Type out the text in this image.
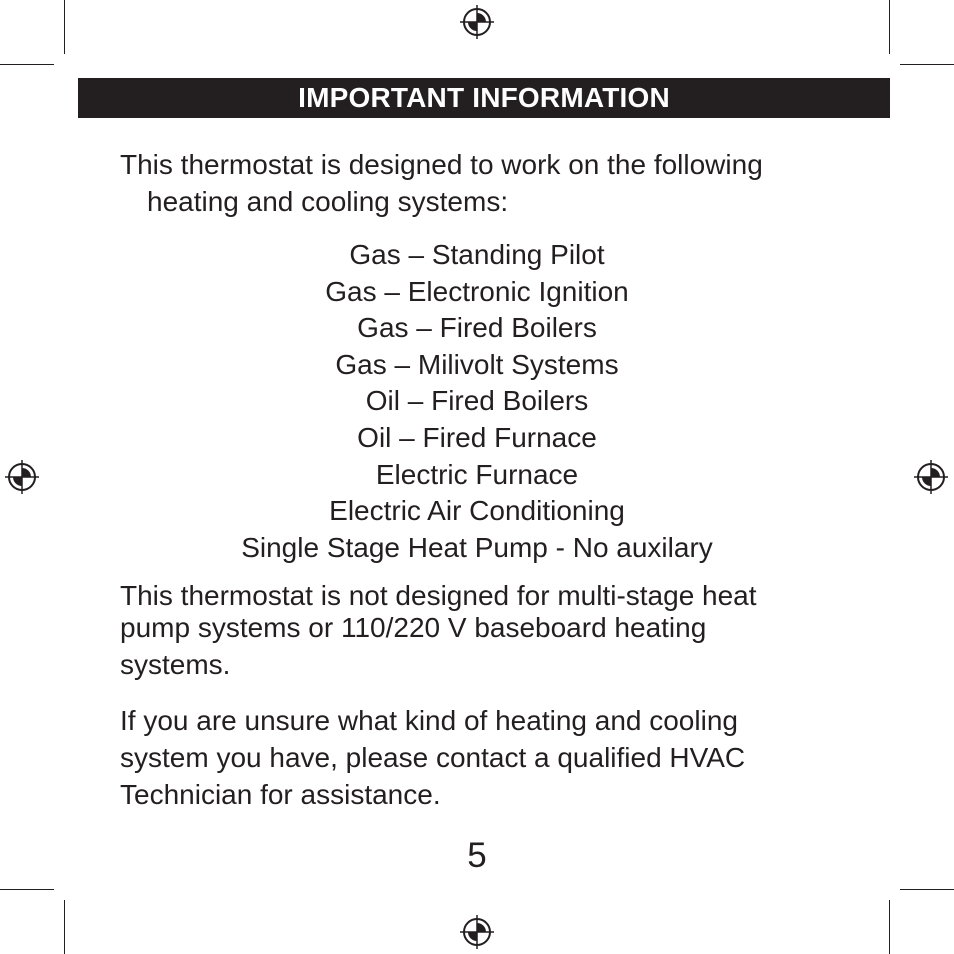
IMPORTANT INFORMATION
This thermostat is designed to work on the following
heating and cooling systems:
Gas – Standing Pilot
Gas – Electronic Ignition
Gas – Fired Boilers
Gas – Milivolt Systems
Oil – Fired Boilers
Oil – Fired Furnace
Electric Furnace
Electric Air Conditioning
Single Stage Heat Pump - No auxilary
This thermostat is not designed for multi-stage heat
pump systems or 110/220 V baseboard heating
systems.
If you are unsure what kind of heating and cooling
system you have, please contact a qualified HVAC
Technician for assistance.
5
